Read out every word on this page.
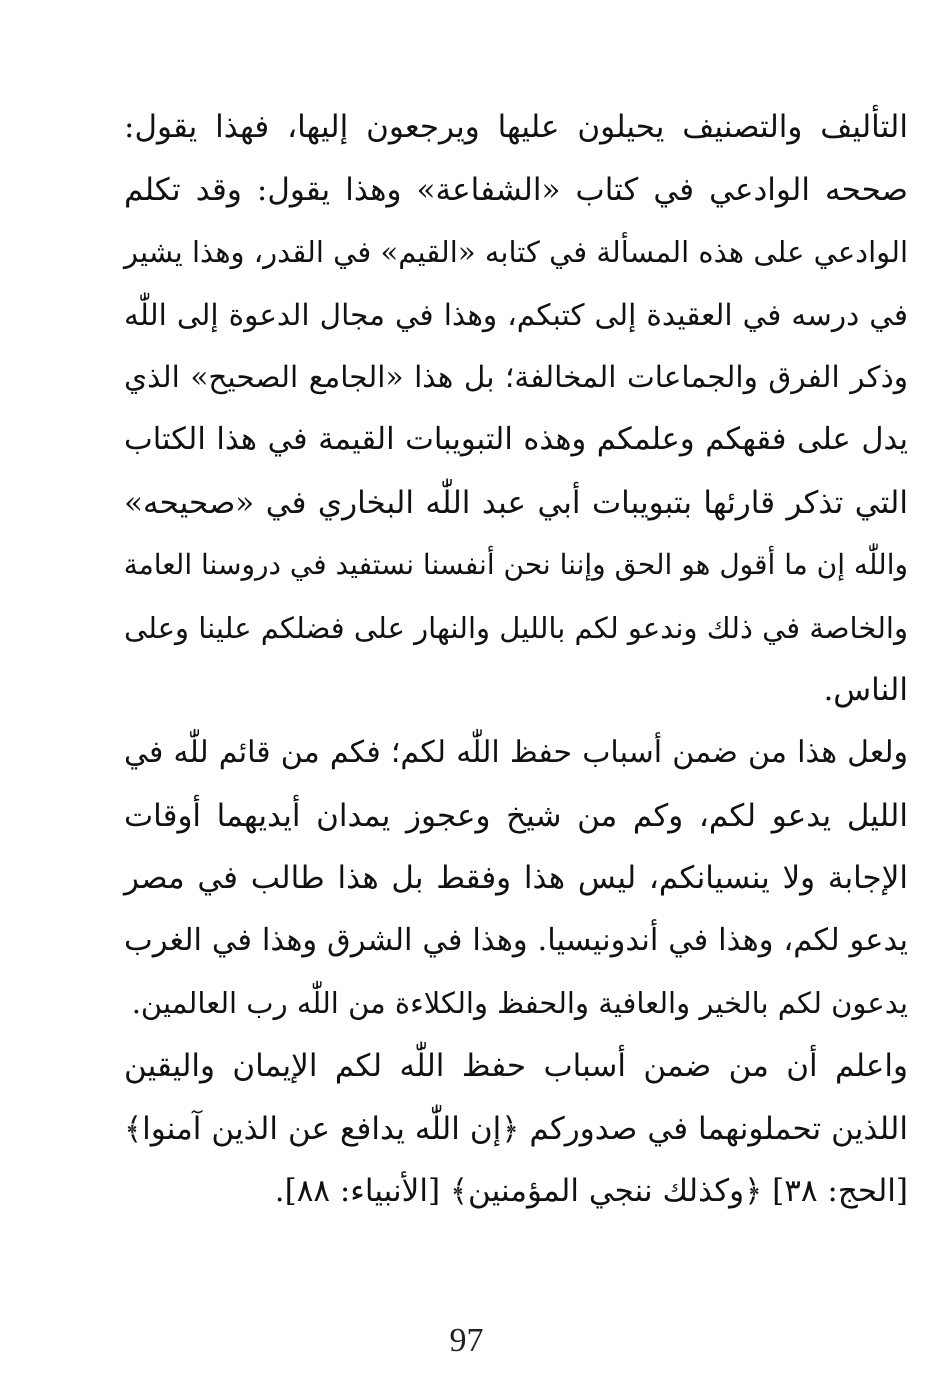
التأليف والتصنيف يحيلون عليها ويرجعون إليها، فهذا يقول:
صححه الوادعي في كتاب «الشفاعة» وهذا يقول: وقد تكلم
الوادعي على هذه المسألة في كتابه «القيم» في القدر، وهذا يشير
في درسه في العقيدة إلى كتبكم، وهذا في مجال الدعوة إلى اللّٰه
وذكر الفرق والجماعات المخالفة؛ بل هذا «الجامع الصحيح» الذي
يدل على فقهكم وعلمكم وهذه التبويبات القيمة في هذا الكتاب
التي تذكر قارئها بتبويبات أبي عبد اللّٰه البخاري في «صحيحه»
واللّٰه إن ما أقول هو الحق وإننا نحن أنفسنا نستفيد في دروسنا العامة
والخاصة في ذلك وندعو لكم بالليل والنهار على فضلكم علينا وعلى
الناس.
ولعل هذا من ضمن أسباب حفظ اللّٰه لكم؛ فكم من قائم للّٰه في
الليل يدعو لكم، وكم من شيخ وعجوز يمدان أيديهما أوقات
الإجابة ولا ينسيانكم، ليس هذا وفقط بل هذا طالب في مصر
يدعو لكم، وهذا في أندونيسيا. وهذا في الشرق وهذا في الغرب
يدعون لكم بالخير والعافية والحفظ والكلاءة من اللّٰه رب العالمين.
واعلم أن من ضمن أسباب حفظ اللّٰه لكم الإيمان واليقين
اللذين تحملونهما في صدوركم ﴿إن اللّٰه يدافع عن الذين آمنوا﴾
[الحج: ٣٨] ﴿وكذلك ننجي المؤمنين﴾ [الأنبياء: ٨٨].
97
